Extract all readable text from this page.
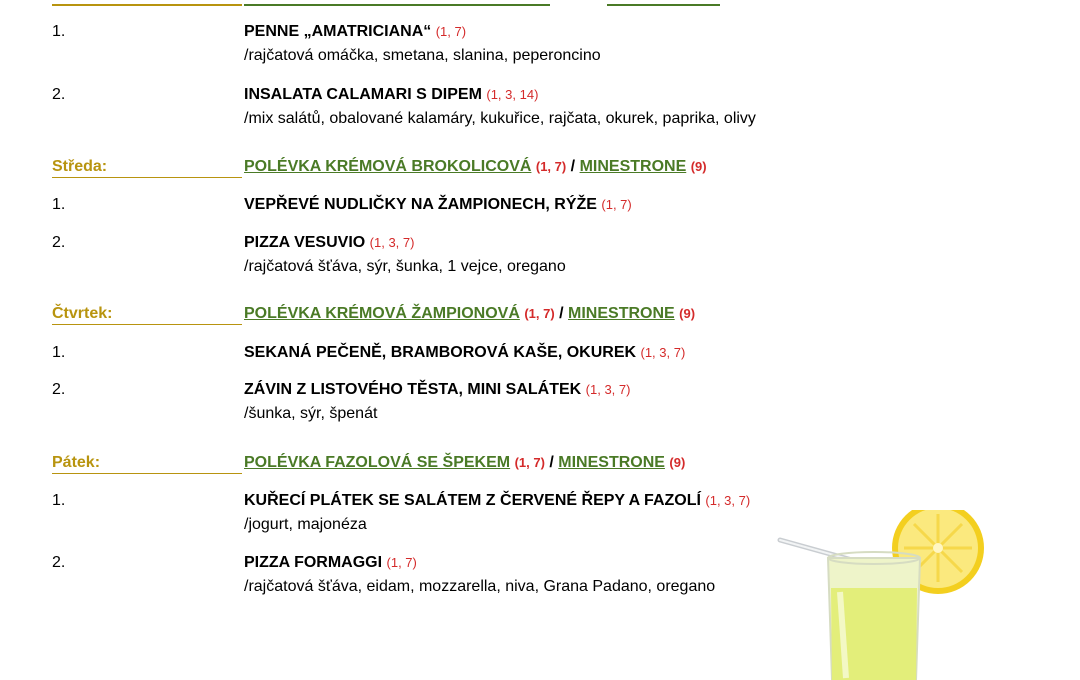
1.	PENNE „AMATRICIANA“ (1, 7)
/rajčatová omáčka, smetana, slanina, peperoncino
2.	INSALATA CALAMARI S DIPEM (1, 3, 14)
/mix salátů, obalované kalamáry, kukuřice, rajčata, okurek, paprika, olivy
Středa:	POLÉVKA KRÉMOVÁ BROKOLICOVÁ (1, 7) / MINESTRONE (9)
1.	VEPŘEVÉ NUDLIČKY NA ŽAMPIONECH, RÝŽE (1, 7)
2.	PIZZA VESUVIO (1, 3, 7)
/rajčatová šťáva, sýr, šunka, 1 vejce, oregano
Čtvrtek:	POLÉVKA KRÉMOVÁ ŽAMPIONOVÁ (1, 7) / MINESTRONE (9)
1.	SEKANÁ PEČENĚ, BRAMBOROVÁ KAŠE, OKUREK (1, 3, 7)
2.	ZÁVIN Z LISTOVÉHO TĚSTA, MINI SALÁTEK (1, 3, 7)
/šunka, sýr, špenát
Pátek:	POLÉVKA FAZOLOVÁ SE ŠPEKEM (1, 7) / MINESTRONE (9)
1.	KUŘECÍ PLÁTEK SE SALÁTEM Z ČERVENÉ ŘEPY A FAZOLÍ (1, 3, 7)
/jogurt, majonéza
2.	PIZZA FORMAGGI (1, 7)
/rajčatová šťáva, eidam, mozzarella, niva, Grana Padano, oregano
